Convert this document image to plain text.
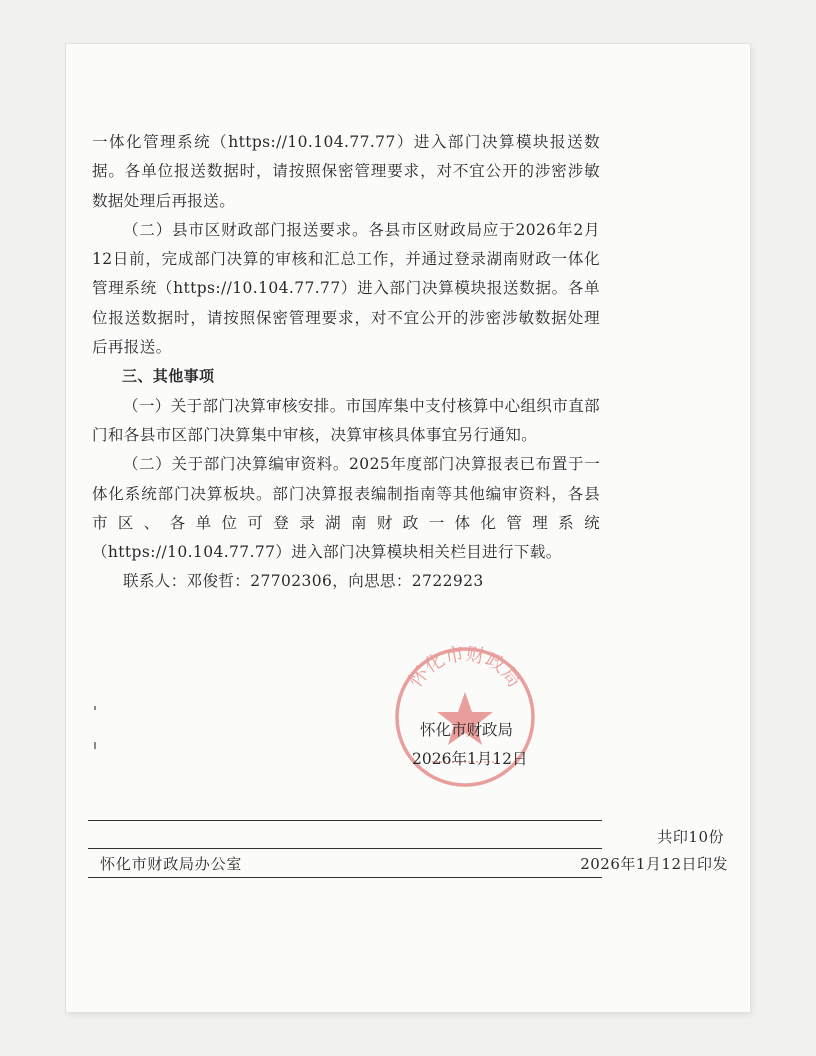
一体化管理系统（https://10.104.77.77）进入部门决算模块报送数据。各单位报送数据时，请按照保密管理要求，对不宜公开的涉密涉敏数据处理后再报送。

（二）县市区财政部门报送要求。各县市区财政局应于2026年2月12日前，完成部门决算的审核和汇总工作，并通过登录湖南财政一体化管理系统（https://10.104.77.77）进入部门决算模块报送数据。各单位报送数据时，请按照保密管理要求，对不宜公开的涉密涉敏数据处理后再报送。

三、其他事项

（一）关于部门决算审核安排。市国库集中支付核算中心组织市直部门和各县市区部门决算集中审核，决算审核具体事宜另行通知。

（二）关于部门决算编审资料。2025年度部门决算报表已布置于一体化系统部门决算板块。部门决算报表编制指南等其他编审资料，各县市区、各单位可登录湖南财政一体化管理系统（https://10.104.77.77）进入部门决算模块相关栏目进行下载。

联系人：邓俊哲：27702306，向思思：2722923

怀化市财政局
怀化市财政局
2026年1月12日
共印10份
怀化市财政局办公室	2026年1月12日印发
